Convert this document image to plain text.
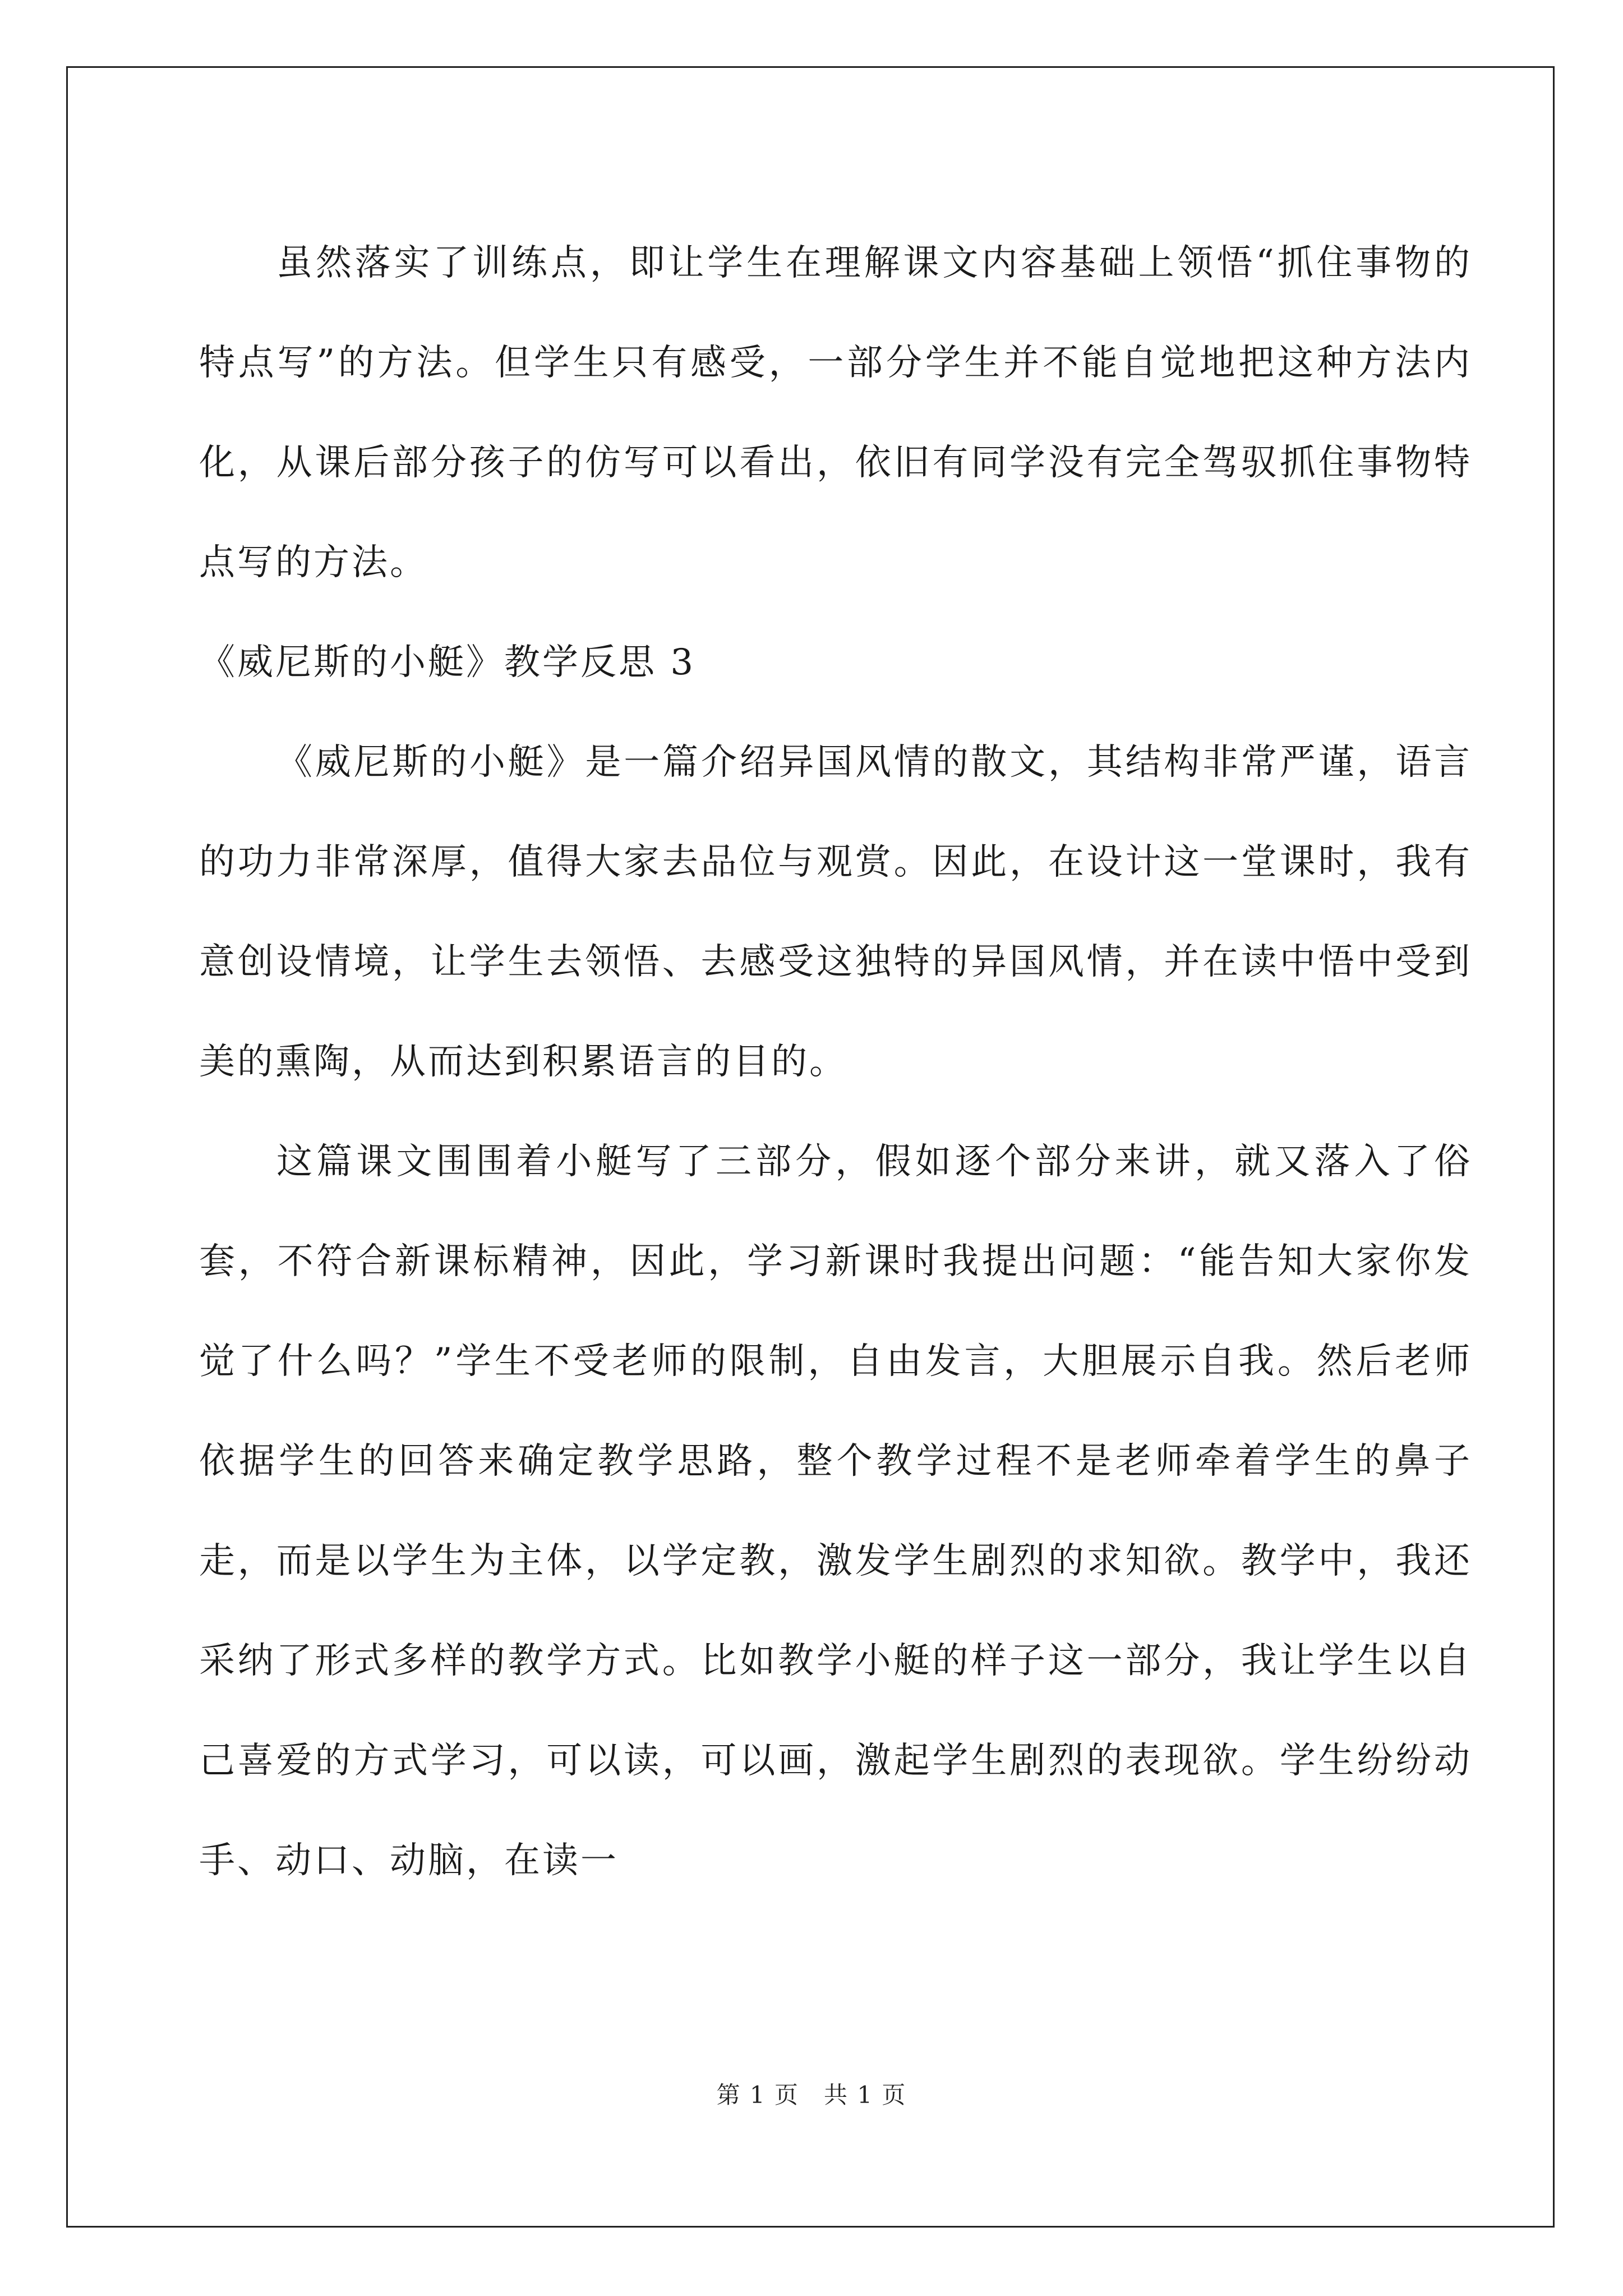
虽然落实了训练点，即让学生在理解课文内容基础上领悟“抓住事物的特点写”的方法。但学生只有感受，一部分学生并不能自觉地把这种方法内化，从课后部分孩子的仿写可以看出，依旧有同学没有完全驾驭抓住事物特点写的方法。

《威尼斯的小艇》教学反思 3

《威尼斯的小艇》是一篇介绍异国风情的散文，其结构非常严谨，语言的功力非常深厚，值得大家去品位与观赏。因此，在设计这一堂课时，我有意创设情境，让学生去领悟、去感受这独特的异国风情，并在读中悟中受到美的熏陶，从而达到积累语言的目的。

这篇课文围围着小艇写了三部分，假如逐个部分来讲，就又落入了俗套，不符合新课标精神，因此，学习新课时我提出问题：“能告知大家你发觉了什么吗？”学生不受老师的限制，自由发言，大胆展示自我。然后老师依据学生的回答来确定教学思路，整个教学过程不是老师牵着学生的鼻子走，而是以学生为主体，以学定教，激发学生剧烈的求知欲。教学中，我还采纳了形式多样的教学方式。比如教学小艇的样子这一部分，我让学生以自己喜爱的方式学习，可以读，可以画，激起学生剧烈的表现欲。学生纷纷动手、动口、动脑，在读一

第 1 页　共 1 页
